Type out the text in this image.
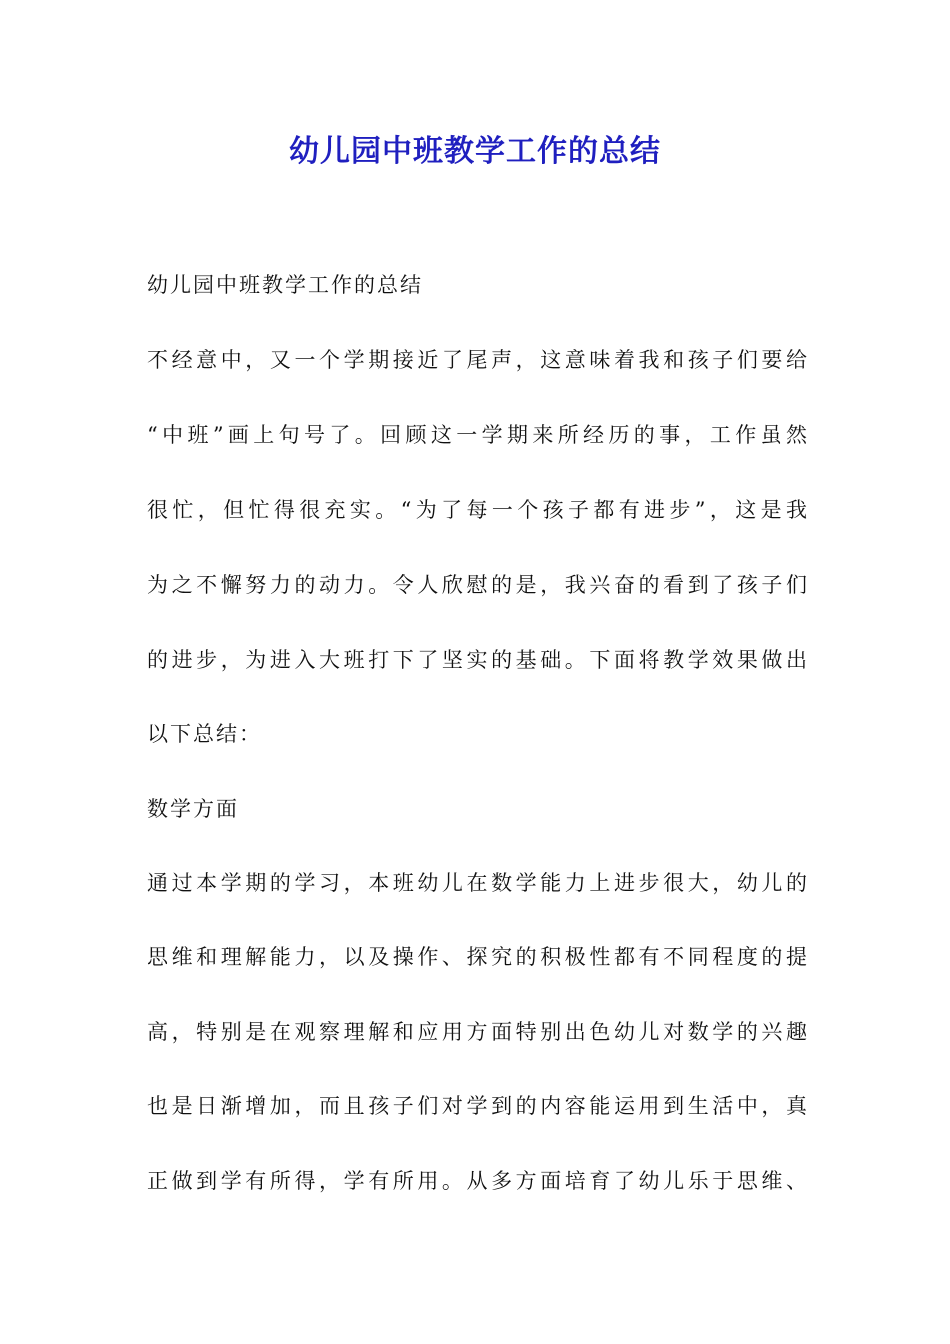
幼儿园中班教学工作的总结

幼儿园中班教学工作的总结

不经意中，又一个学期接近了尾声，这意味着我和孩子们要给

“中班”画上句号了。回顾这一学期来所经历的事，工作虽然

很忙，但忙得很充实。“为了每一个孩子都有进步”，这是我

为之不懈努力的动力。令人欣慰的是，我兴奋的看到了孩子们

的进步，为进入大班打下了坚实的基础。下面将教学效果做出

以下总结：

数学方面

通过本学期的学习，本班幼儿在数学能力上进步很大，幼儿的

思维和理解能力，以及操作、探究的积极性都有不同程度的提

高，特别是在观察理解和应用方面特别出色幼儿对数学的兴趣

也是日渐增加，而且孩子们对学到的内容能运用到生活中，真

正做到学有所得，学有所用。从多方面培育了幼儿乐于思维、
